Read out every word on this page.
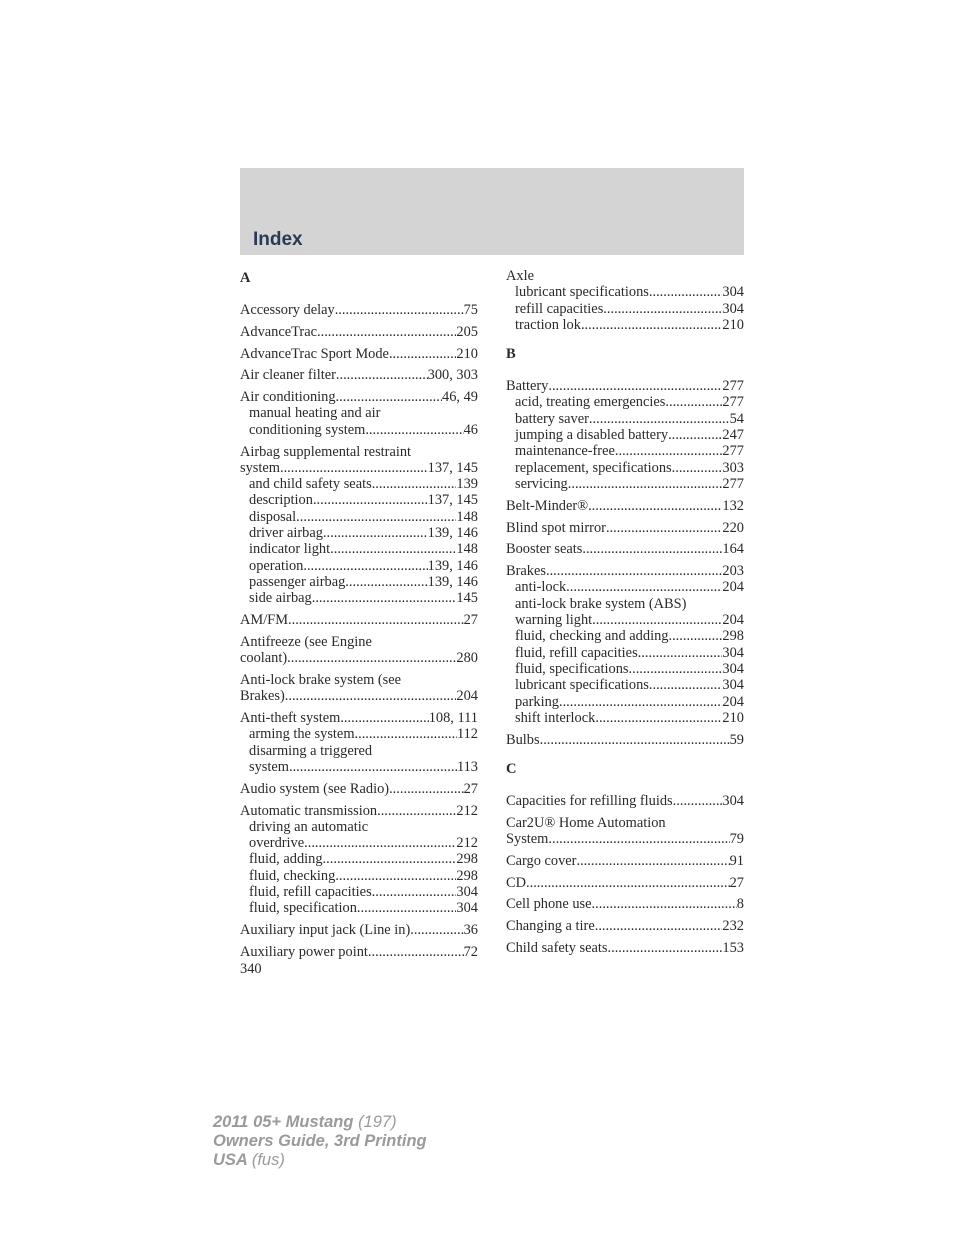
Index
A
Accessory delay .....	75
AdvanceTrac .....	205
AdvanceTrac Sport Mode .....	210
Air cleaner filter .....	300, 303
Air conditioning .....	46, 49
manual heating and air
conditioning system .....	46
Airbag supplemental restraint
system .....	137, 145
and child safety seats .....	139
description .....	137, 145
disposal .....	148
driver airbag .....	139, 146
indicator light .....	148
operation .....	139, 146
passenger airbag .....	139, 146
side airbag .....	145
AM/FM .....	27
Antifreeze (see Engine
coolant) .....	280
Anti-lock brake system (see
Brakes) .....	204
Anti-theft system .....	108, 111
arming the system .....	112
disarming a triggered
system .....	113
Audio system (see Radio) .....	27
Automatic transmission .....	212
driving an automatic
overdrive .....	212
fluid, adding .....	298
fluid, checking .....	298
fluid, refill capacities .....	304
fluid, specification .....	304
Auxiliary input jack (Line in) .....	36
Auxiliary power point .....	72
Axle
lubricant specifications .....	304
refill capacities .....	304
traction lok .....	210
B
Battery .....	277
acid, treating emergencies .....	277
battery saver .....	54
jumping a disabled battery .....	247
maintenance-free .....	277
replacement, specifications .....	303
servicing .....	277
Belt-Minder® .....	132
Blind spot mirror .....	220
Booster seats .....	164
Brakes .....	203
anti-lock .....	204
anti-lock brake system (ABS)
warning light .....	204
fluid, checking and adding .....	298
fluid, refill capacities .....	304
fluid, specifications .....	304
lubricant specifications .....	304
parking .....	204
shift interlock .....	210
Bulbs .....	59
C
Capacities for refilling fluids .....	304
Car2U® Home Automation
System .....	79
Cargo cover .....	91
CD .....	27
Cell phone use .....	8
Changing a tire .....	232
Child safety seats .....	153
340
2011 05+ Mustang (197)
Owners Guide, 3rd Printing
USA (fus)
